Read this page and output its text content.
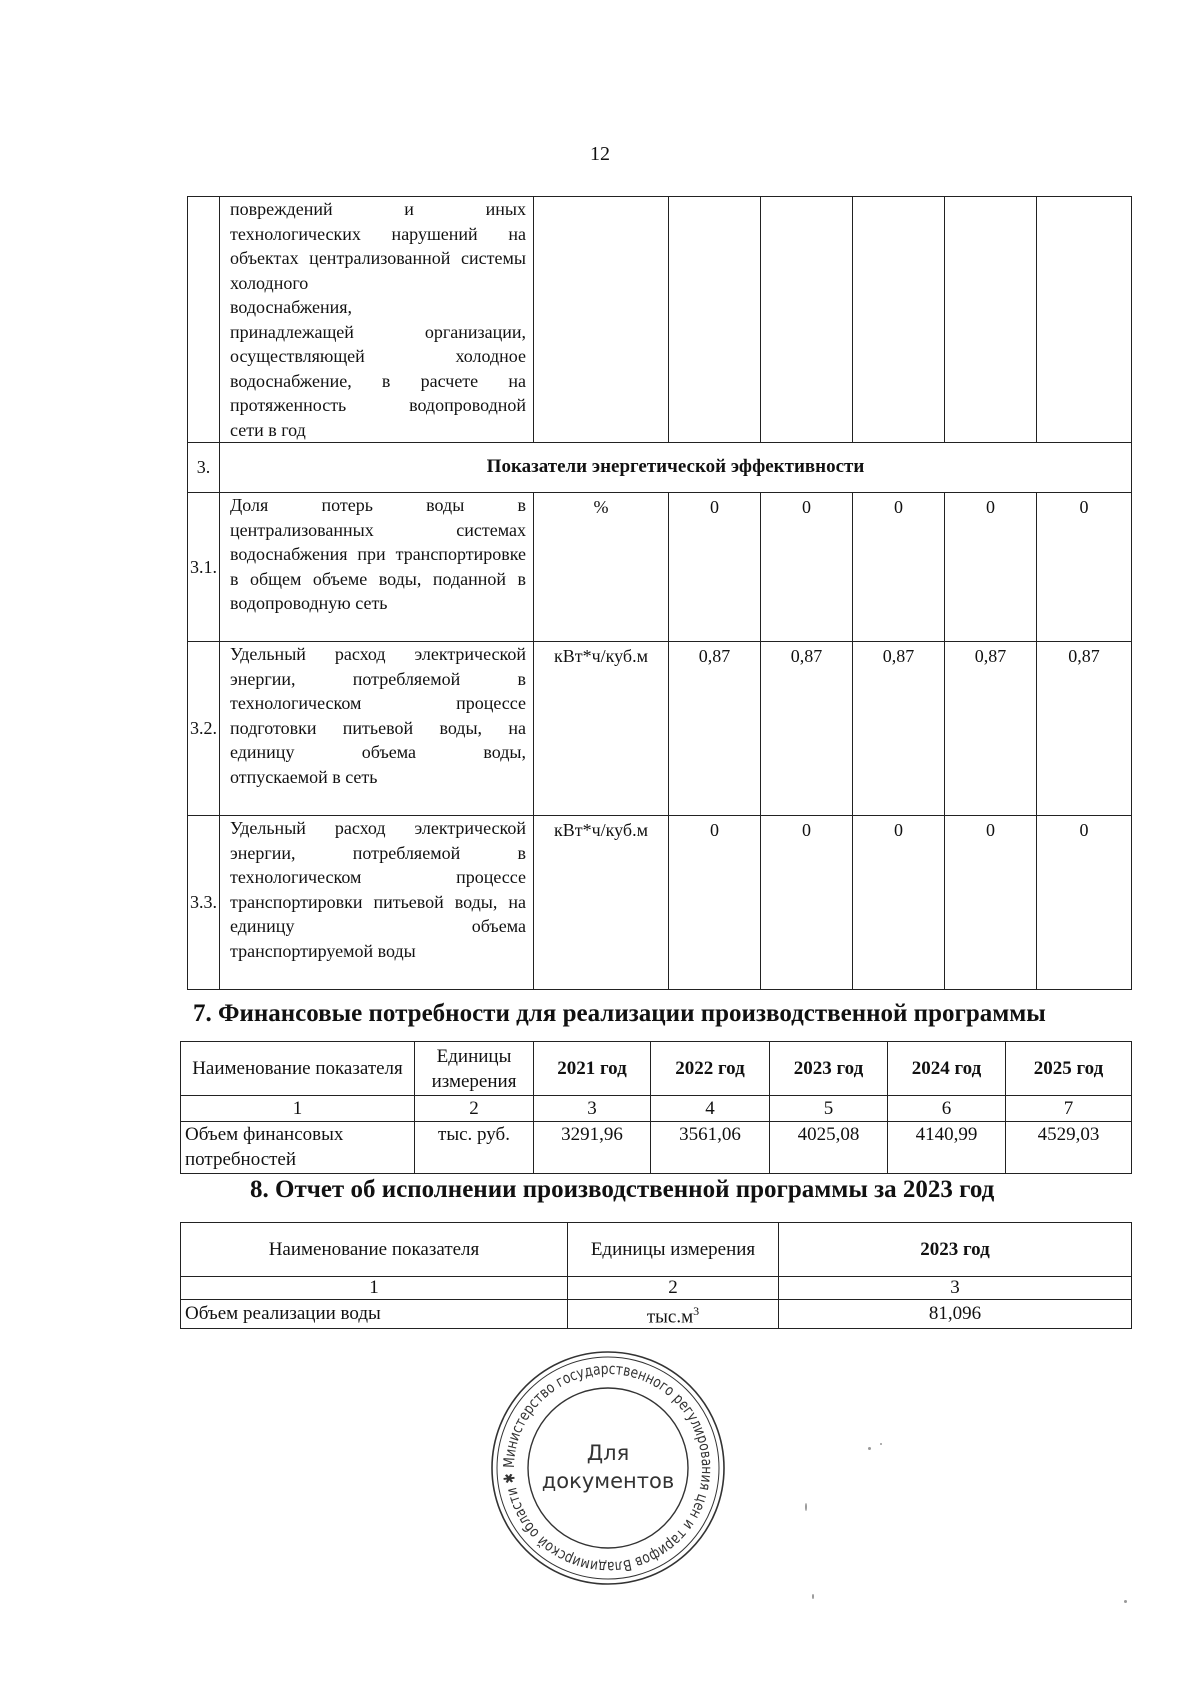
12
	повреждений и иных технологических нарушений на объектах централизованной системы холодного
водоснабжения,
принадлежащей организации, осуществляющей холодное водоснабжение, в расчете на протяженность водопроводной
сети в год						

3.	Показатели энергетической эффективности						
3.1.	Доля потерь воды в централизованных системах водоснабжения при транспортировке в общем объеме воды, поданной в
водопроводную сеть	%	0	0	0	0	0
3.2.	Удельный расход электрической энергии, потребляемой в технологическом процессе подготовки питьевой воды, на единицу объема воды,
отпускаемой в сеть	кВт*ч/куб.м	0,87	0,87	0,87	0,87	0,87
3.3.	Удельный расход электрической энергии, потребляемой в технологическом процессе транспортировки питьевой воды, на единицу объема
транспортируемой воды	кВт*ч/куб.м	0	0	0	0	0
7. Финансовые потребности для реализации производственной программы
Наименование показателя	Единицы измерения	2021 год	2022 год	2023 год	2024 год	2025 год
1	2	3	4	5	6	7
Объем финансовых потребностей	тыс. руб.	3291,96	3561,06	4025,08	4140,99	4529,03
8. Отчет об исполнении производственной программы за 2023 год
Наименование показателя	Единицы измерения	2023 год
1	2	3
Объем реализации воды	$тыс.м^3$	81,096
Министерство государственного регулирования цен и тарифов Владимирской области ✱
Для
документов
